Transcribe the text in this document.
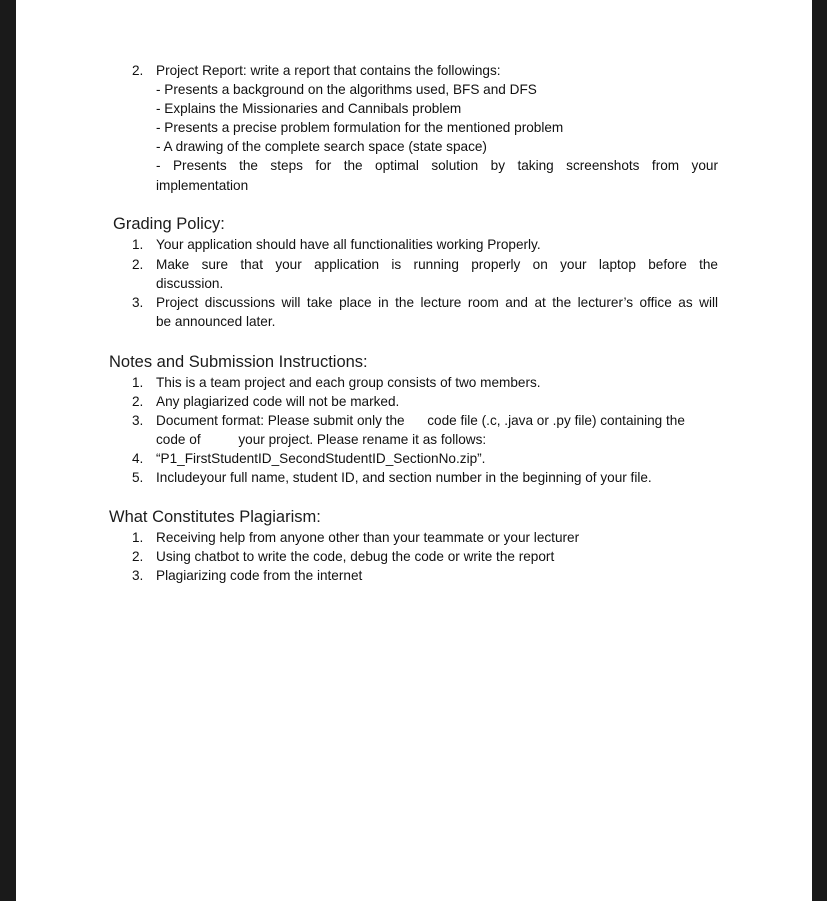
2. Project Report: write a report that contains the followings:
- Presents a background on the algorithms used, BFS and DFS
- Explains the Missionaries and Cannibals problem
- Presents a precise problem formulation for the mentioned problem
- A drawing of the complete search space (state space)
- Presents the steps for the optimal solution by taking screenshots from your
implementation
Grading Policy:
1. Your application should have all functionalities working Properly.
2. Make sure that your application is running properly on your laptop before the
discussion.
3. Project discussions will take place in the lecture room and at the lecturer’s office as will
be announced later.
Notes and Submission Instructions:
1. This is a team project and each group consists of two members.
2. Any plagiarized code will not be marked.
3. Document format: Please submit only the      code file (.c, .java or .py file) containing the
code of          your project. Please rename it as follows:
4. “P1_FirstStudentID_SecondStudentID_SectionNo.zip”.
5. Includeyour full name, student ID, and section number in the beginning of your file.
What Constitutes Plagiarism:
1. Receiving help from anyone other than your teammate or your lecturer
2. Using chatbot to write the code, debug the code or write the report
3. Plagiarizing code from the internet
